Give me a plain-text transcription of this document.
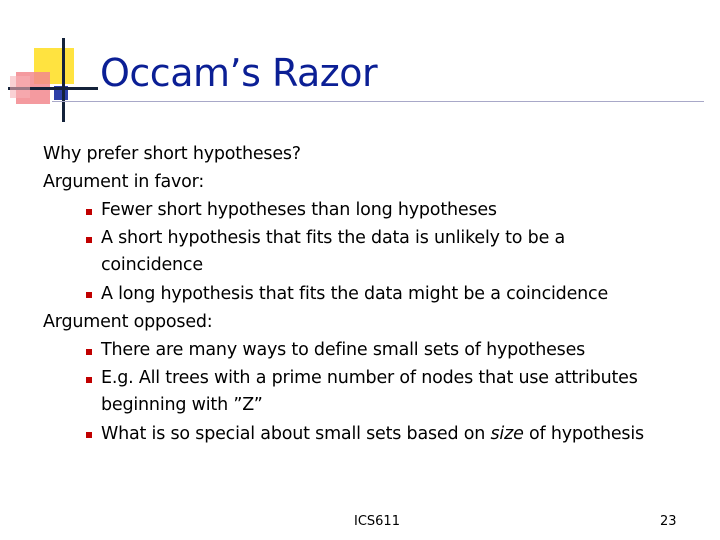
Occam’s Razor
Why prefer short hypotheses?
Argument in favor:
Fewer short hypotheses than long hypotheses
A short hypothesis that fits the data is unlikely to be a
coincidence
A long hypothesis that fits the data might be a coincidence
Argument opposed:
There are many ways to define small sets of hypotheses
E.g. All trees with a prime number of nodes that use attributes
beginning with ”Z”
What is so special about small sets based on size of hypothesis
ICS611	23
